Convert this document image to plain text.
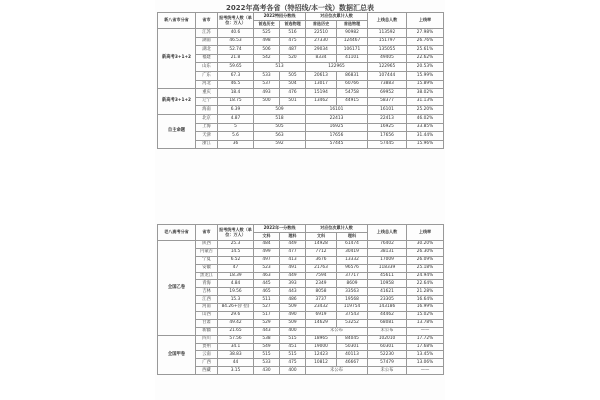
2022年高考各省（特招线/本一线）数据汇总表
新八省市分省	省市	报考统考人数（单位：万人）	2022特招分数线		对应位次累计人数		上线总人数	上线率
			首选历史	首选物理	首选历史	首选物理		
新高考3+1+2	江苏	40.6	525	516	22510	90982	113592	27.98%
	湖南	46.53	498	475	27330	124467	151797	26.76%
	湖北	52.74	506	487	29034	106171	135055	25.61%
	福建	21.8	542	520	8334	41101	49405	22.62%
	山东	59.65	513		122965		122965	20.53%
	广东	67.3	533	505	20613	86831	107444	15.99%
	河北	46.5	537	504	13017	60766	73883	15.89%
新高考3+1+2	重庆	18.4	493	476	15194	54758	69952	38.02%
	辽宁	18.75	500	501	13462	44915	58377	31.13%
	海南	6.39	509		16101		16101	25.20%
自主命题	北京	4.87	518		22413		22413	46.02%
	上海	5	505		16925		16925	33.85%
	天津	5.6	563		17656		17656	31.44%
	浙江	36	592		57445		57445	15.96%
老八高考分省	省市	报考统考人数（单位：万人）	2022年一分数线		对应位次累计人数		上线总人数	上线率
			文科	理科	文科	理科		
全国乙卷	陕西	25.3	484	449	14928	61474	76402	30.20%
	内蒙古	14.5	499	477	7712	30419	38131	26.30%
	宁夏	6.52	497	413	3676	13332	17009	26.09%
	安徽	47	523	491	21763	96576	118339	25.18%
	黑龙江	18.39	463	449	7594	37717	45611	24.94%
	青海	4.84	445	393	2349	8609	10958	22.64%
	吉林	19.56	465	443	8058	33563	41621	21.28%
	江西	15.3	511	486	3737	19568	23305	16.64%
	河南	84.26+(扩招)	527	509	23432	119754	143186	16.99%
	山西	29.6	517	490	6919	37543	44462	15.02%
	甘肃	49.42	529	509	14629	53252	68081	13.78%
	新疆	21.65	443	400	未公布		未公布	——
全国甲卷	四川	57.56	538	515	18965	84045	102010	17.72%
	贵州	34.1	549	451	19000	50301	60301	17.68%
	云南	38.83	515	515	12423	40113	52230	13.45%
	广西	44	533	475	10812	46667	57479	13.06%
	西藏	3.15	430	400	未公布		未公布	——
